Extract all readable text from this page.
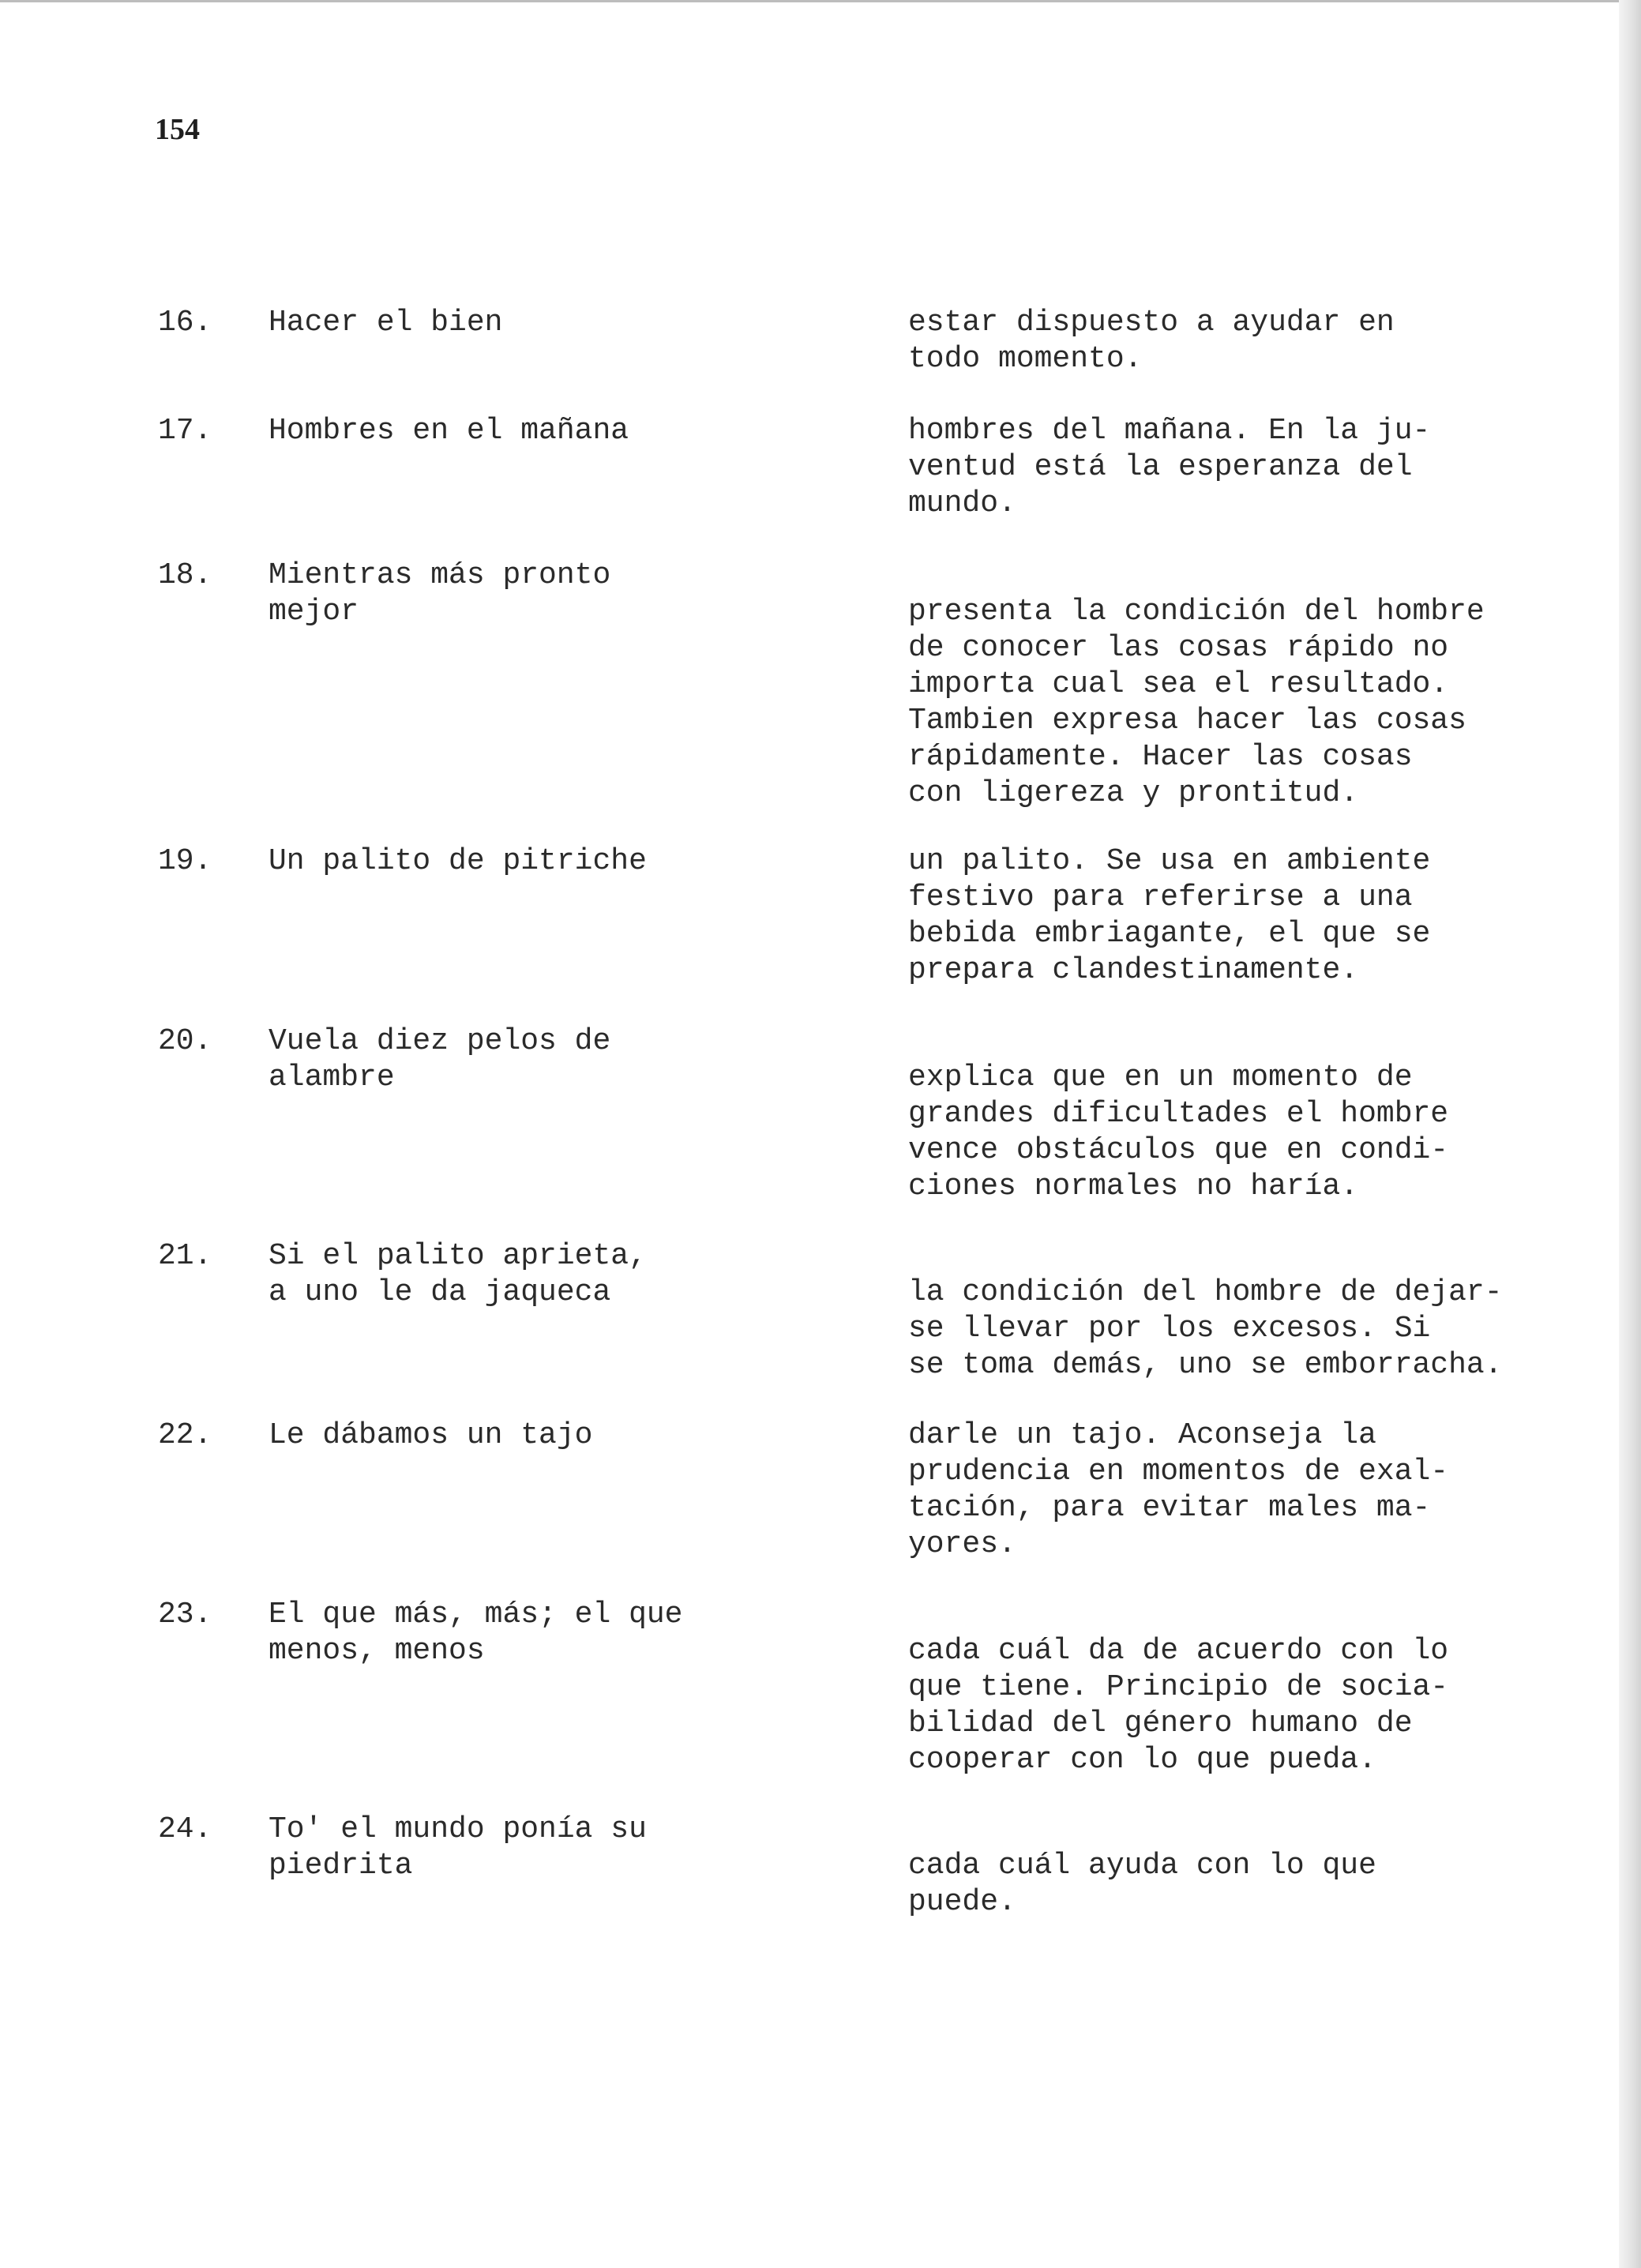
154
16. Hacer el bien	estar dispuesto a ayudar en
todo momento.
17. Hombres en el mañana	hombres del mañana. En la ju-
ventud está la esperanza del
mundo.
18. Mientras más pronto
mejor	presenta la condición del hombre
de conocer las cosas rápido no
importa cual sea el resultado.
Tambien expresa hacer las cosas
rápidamente. Hacer las cosas
con ligereza y prontitud.
19. Un palito de pitriche	un palito. Se usa en ambiente
festivo para referirse a una
bebida embriagante, el que se
prepara clandestinamente.
20. Vuela diez pelos de
alambre	explica que en un momento de
grandes dificultades el hombre
vence obstáculos que en condi-
ciones normales no haría.
21. Si el palito aprieta,
a uno le da jaqueca	la condición del hombre de dejar-
se llevar por los excesos. Si
se toma demás, uno se emborracha.
22. Le dábamos un tajo	darle un tajo. Aconseja la
prudencia en momentos de exal-
tación, para evitar males ma-
yores.
23. El que más, más; el que
menos, menos	cada cuál da de acuerdo con lo
que tiene. Principio de socia-
bilidad del género humano de
cooperar con lo que pueda.
24. To' el mundo ponía su
piedrita	cada cuál ayuda con lo que
puede.
